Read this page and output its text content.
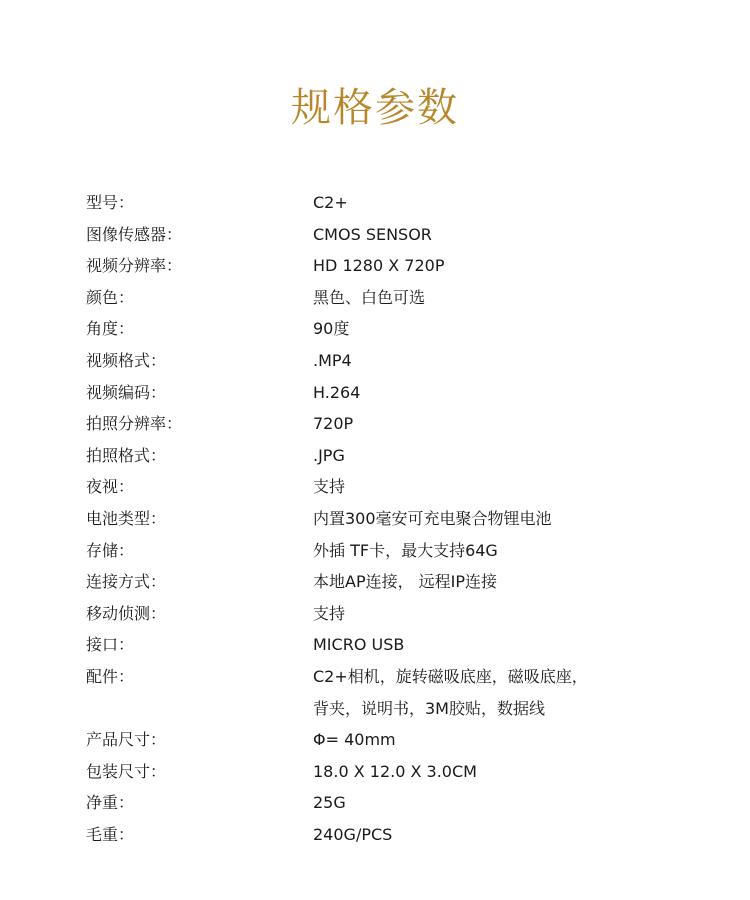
规格参数
型号：	C2+
图像传感器：	CMOS SENSOR
视频分辨率：	HD 1280 X 720P
颜色：	黑色、白色可选
角度：	90度
视频格式：	.MP4
视频编码：	H.264
拍照分辨率：	720P
拍照格式：	.JPG
夜视：	支持
电池类型：	内置300毫安可充电聚合物锂电池
存储：	外插 TF卡，最大支持64G
连接方式：	本地AP连接， 远程IP连接
移动侦测：	支持
接口：	MICRO USB
配件：	C2+相机，旋转磁吸底座，磁吸底座，
背夹，说明书，3M胶贴，数据线
产品尺寸：	Φ= 40mm
包装尺寸：	18.0 X 12.0 X 3.0CM
净重：	25G
毛重：	240G/PCS
